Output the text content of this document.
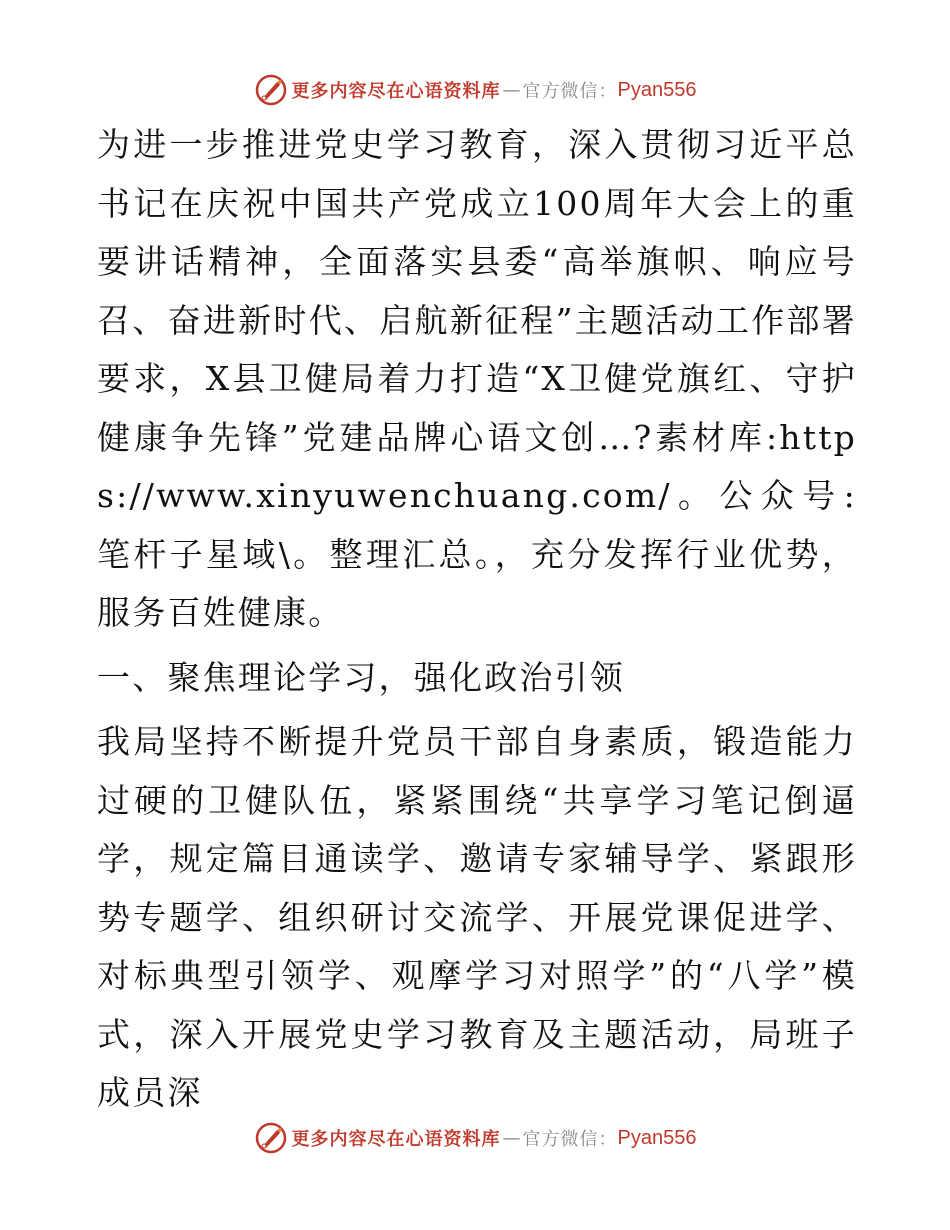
更多内容尽在心语资料库 — 官方微信： Pyan556

为进一步推进党史学习教育，深入贯彻习近平总书记在庆祝中国共产党成立100周年大会上的重要讲话精神，全面落实县委“高举旗帜、响应号召、奋进新时代、启航新征程”主题活动工作部署要求，X县卫健局着力打造“X卫健党旗红、守护健康争先锋”党建品牌心语文创…?素材库:https://www.xinyuwenchuang.com/。公众号: 笔杆子星域\。整理汇总。，充分发挥行业优势，服务百姓健康。

一、聚焦理论学习，强化政治引领

我局坚持不断提升党员干部自身素质，锻造能力过硬的卫健队伍，紧紧围绕“共享学习笔记倒逼学，规定篇目通读学、邀请专家辅导学、紧跟形势专题学、组织研讨交流学、开展党课促进学、对标典型引领学、观摩学习对照学”的“八学”模式，深入开展党史学习教育及主题活动，局班子成员深

更多内容尽在心语资料库 — 官方微信： Pyan556
